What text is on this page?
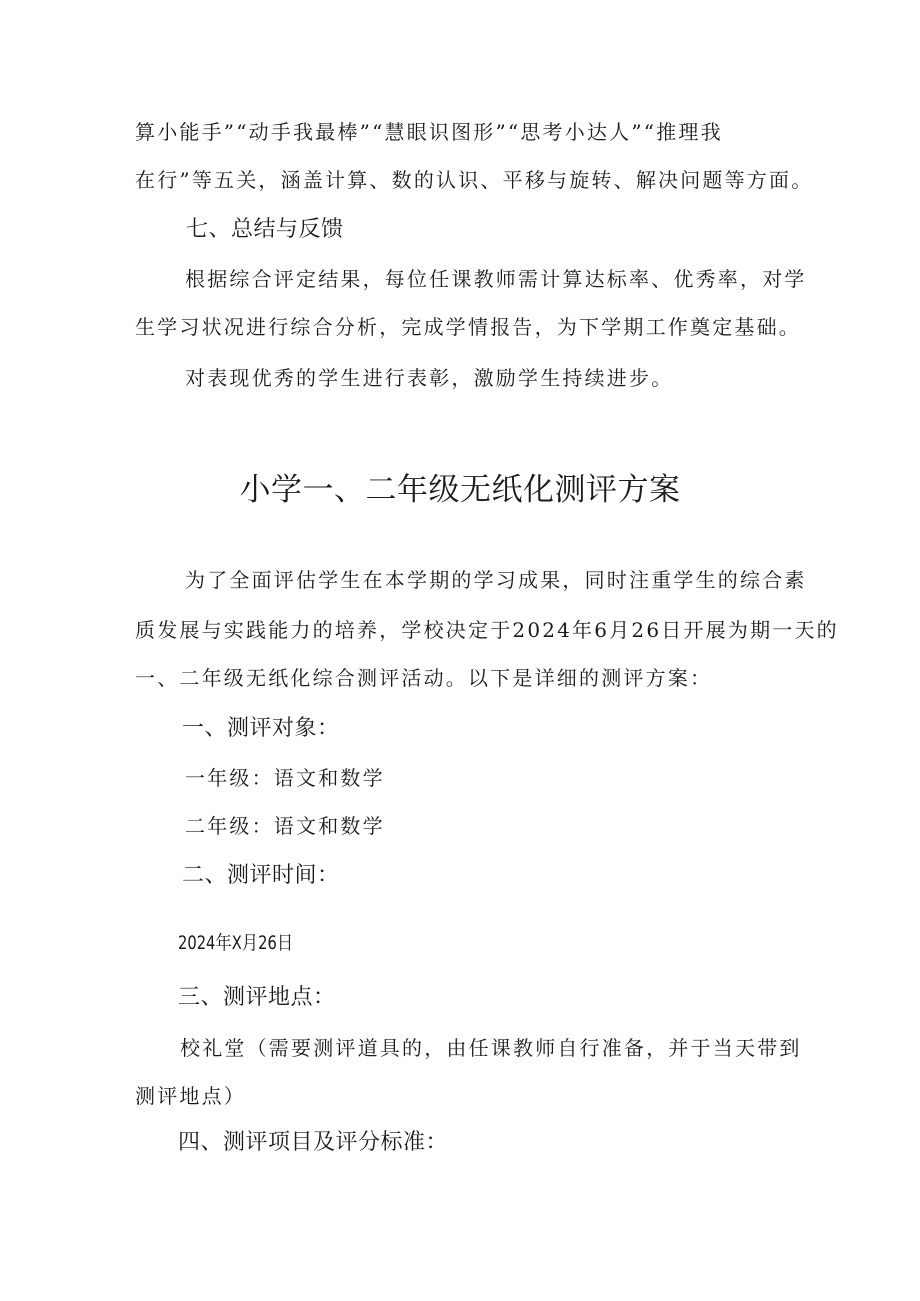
算小能手”“动手我最棒”“慧眼识图形”“思考小达人”“推理我
在行”等五关，涵盖计算、数的认识、平移与旋转、解决问题等方面。
七、总结与反馈
根据综合评定结果，每位任课教师需计算达标率、优秀率，对学
生学习状况进行综合分析，完成学情报告，为下学期工作奠定基础。
对表现优秀的学生进行表彰，激励学生持续进步。
小学一、二年级无纸化测评方案
为了全面评估学生在本学期的学习成果，同时注重学生的综合素
质发展与实践能力的培养，学校决定于2024年6月26日开展为期一天的
一、二年级无纸化综合测评活动。以下是详细的测评方案：
一、测评对象：
一年级：语文和数学
二年级：语文和数学
二、测评时间：
2024年X月26日
三、测评地点：
校礼堂（需要测评道具的，由任课教师自行准备，并于当天带到
测评地点）
四、测评项目及评分标准：
